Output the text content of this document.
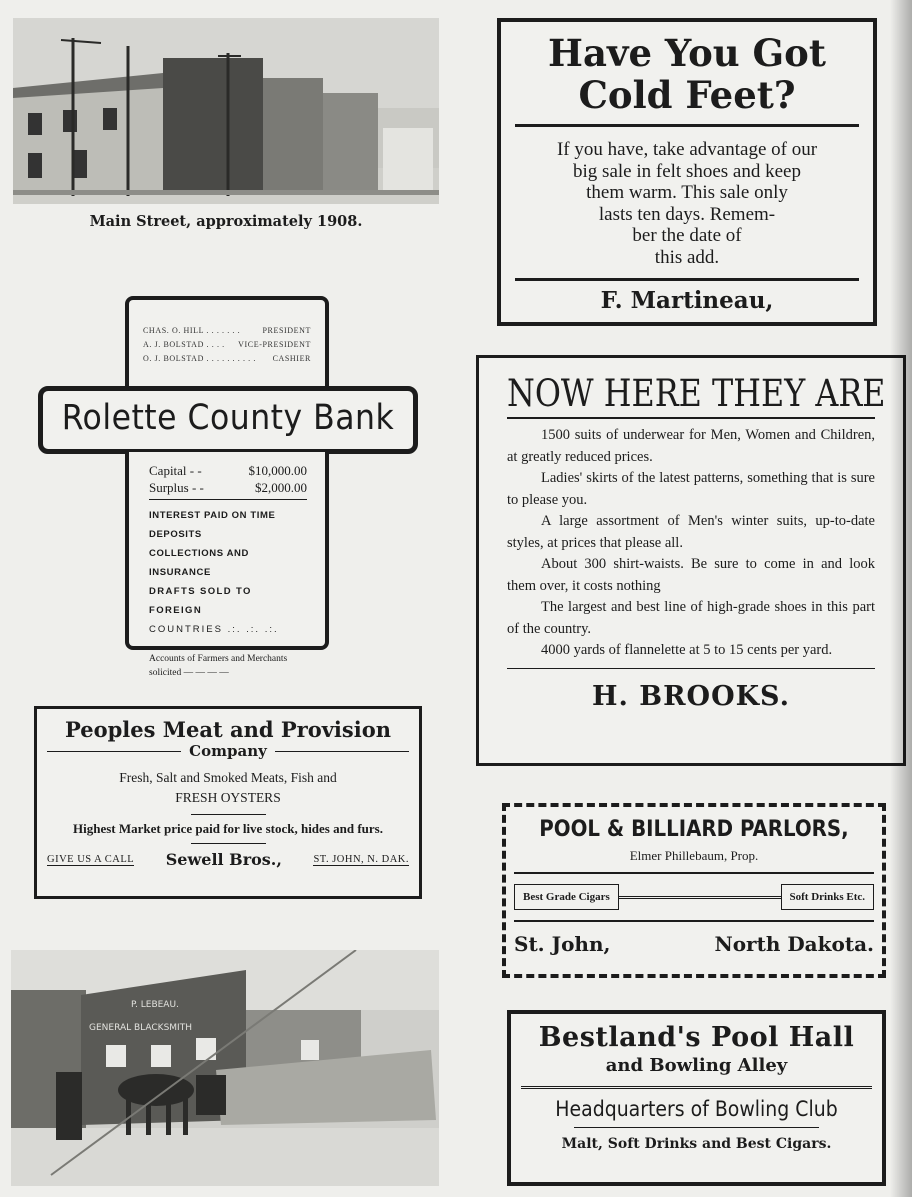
Main Street, approximately 1908.
Have You Got
Cold Feet?
If you have, take advantage of our
big sale in felt shoes and keep
them warm. This sale only
lasts ten days. Remem-
ber the date of
this add.
F. Martineau,
CHAS. O. HILL . . . . . . .	PRESIDENT
A. J. BOLSTAD . . . . VICE-PRESIDENT
O. J. BOLSTAD . . . . . . . . . . CASHIER
Rolette County Bank
Capital - -	$10,000.00
Surplus - -	$2,000.00
INTEREST PAID ON TIME DEPOSITS
COLLECTIONS AND INSURANCE
DRAFTS SOLD TO FOREIGN
COUNTRIES .:. .:. .:.
Accounts of Farmers and Merchants
solicited — — — —
NOW HERE THEY ARE

1500 suits of underwear for Men, Women and Children, at greatly reduced prices.

Ladies' skirts of the latest patterns, something that is sure to please you.

A large assortment of Men's winter suits, up-to-date styles, at prices that please all.

About 300 shirt-waists. Be sure to come in and look them over, it costs nothing

The largest and best line of high-grade shoes in this part of the country.

4000 yards of flannelette at 5 to 15 cents per yard.

H. BROOKS.
Peoples Meat and Provision
Company
Fresh, Salt and Smoked Meats, Fish and
FRESH OYSTERS
Highest Market price paid for live stock, hides and furs.
GIVE US A CALL Sewell Bros.,	ST. JOHN, N. DAK.
POOL & BILLIARD PARLORS,
Elmer Phillebaum, Prop.
Best Grade Cigars	Soft Drinks Etc.
St. John,	North Dakota.
P. LEBEAU.
GENERAL BLACKSMITH	Bestland's Pool Hall
and Bowling Alley
Headquarters of Bowling Club
Malt, Soft Drinks and Best Cigars.
